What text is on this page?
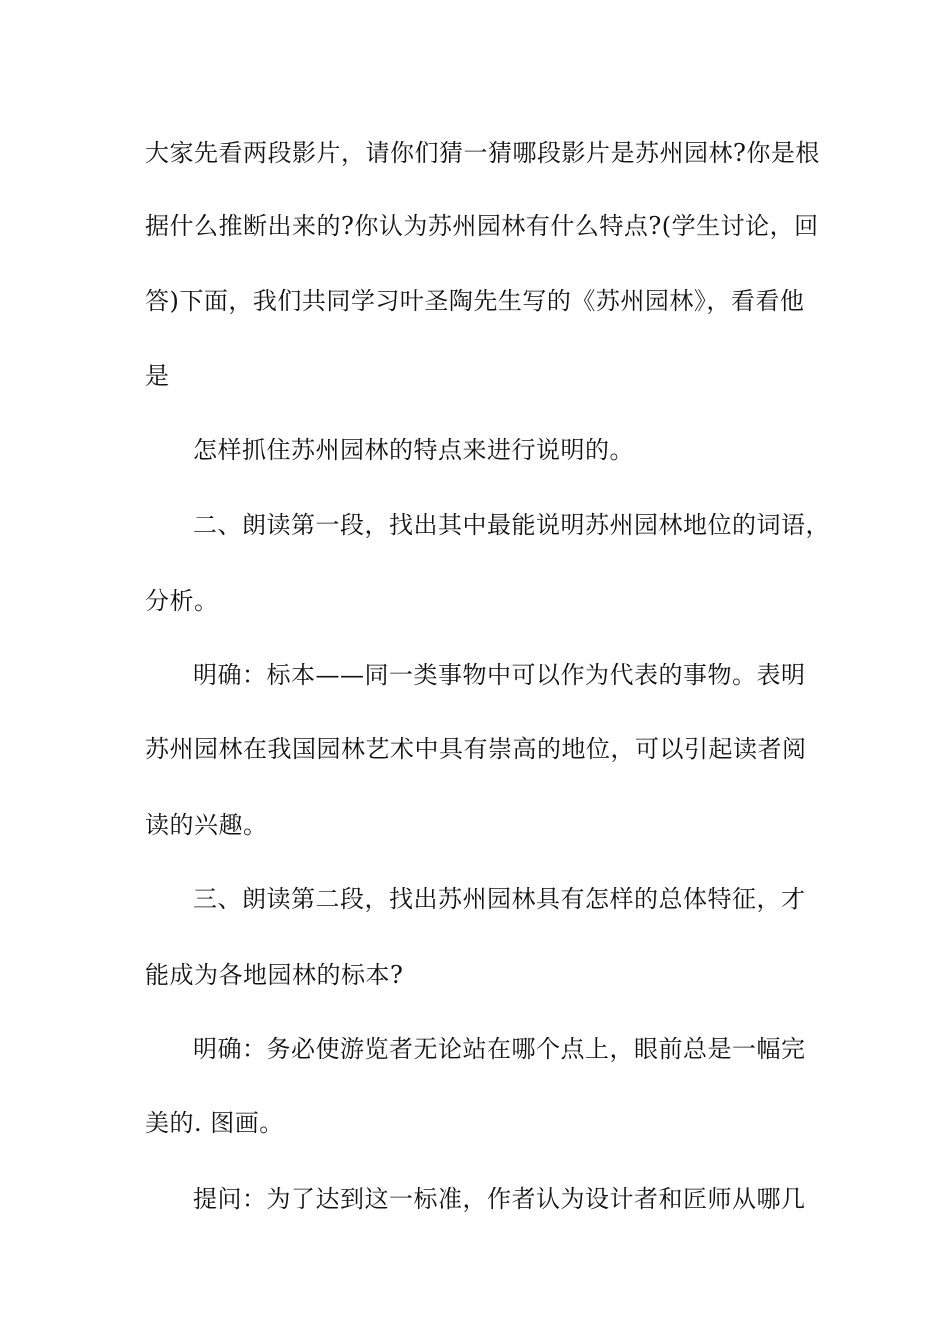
大家先看两段影片，请你们猜一猜哪段影片是苏州园林?你是根
据什么推断出来的?你认为苏州园林有什么特点?(学生讨论，回
答)下面，我们共同学习叶圣陶先生写的《苏州园林》，看看他
是
怎样抓住苏州园林的特点来进行说明的。
二、朗读第一段，找出其中最能说明苏州园林地位的词语，
分析。
明确：标本——同一类事物中可以作为代表的事物。表明
苏州园林在我国园林艺术中具有崇高的地位，可以引起读者阅
读的兴趣。
三、朗读第二段，找出苏州园林具有怎样的总体特征，才
能成为各地园林的标本?
明确：务必使游览者无论站在哪个点上，眼前总是一幅完
美的. 图画。
提问：为了达到这一标准，作者认为设计者和匠师从哪几
